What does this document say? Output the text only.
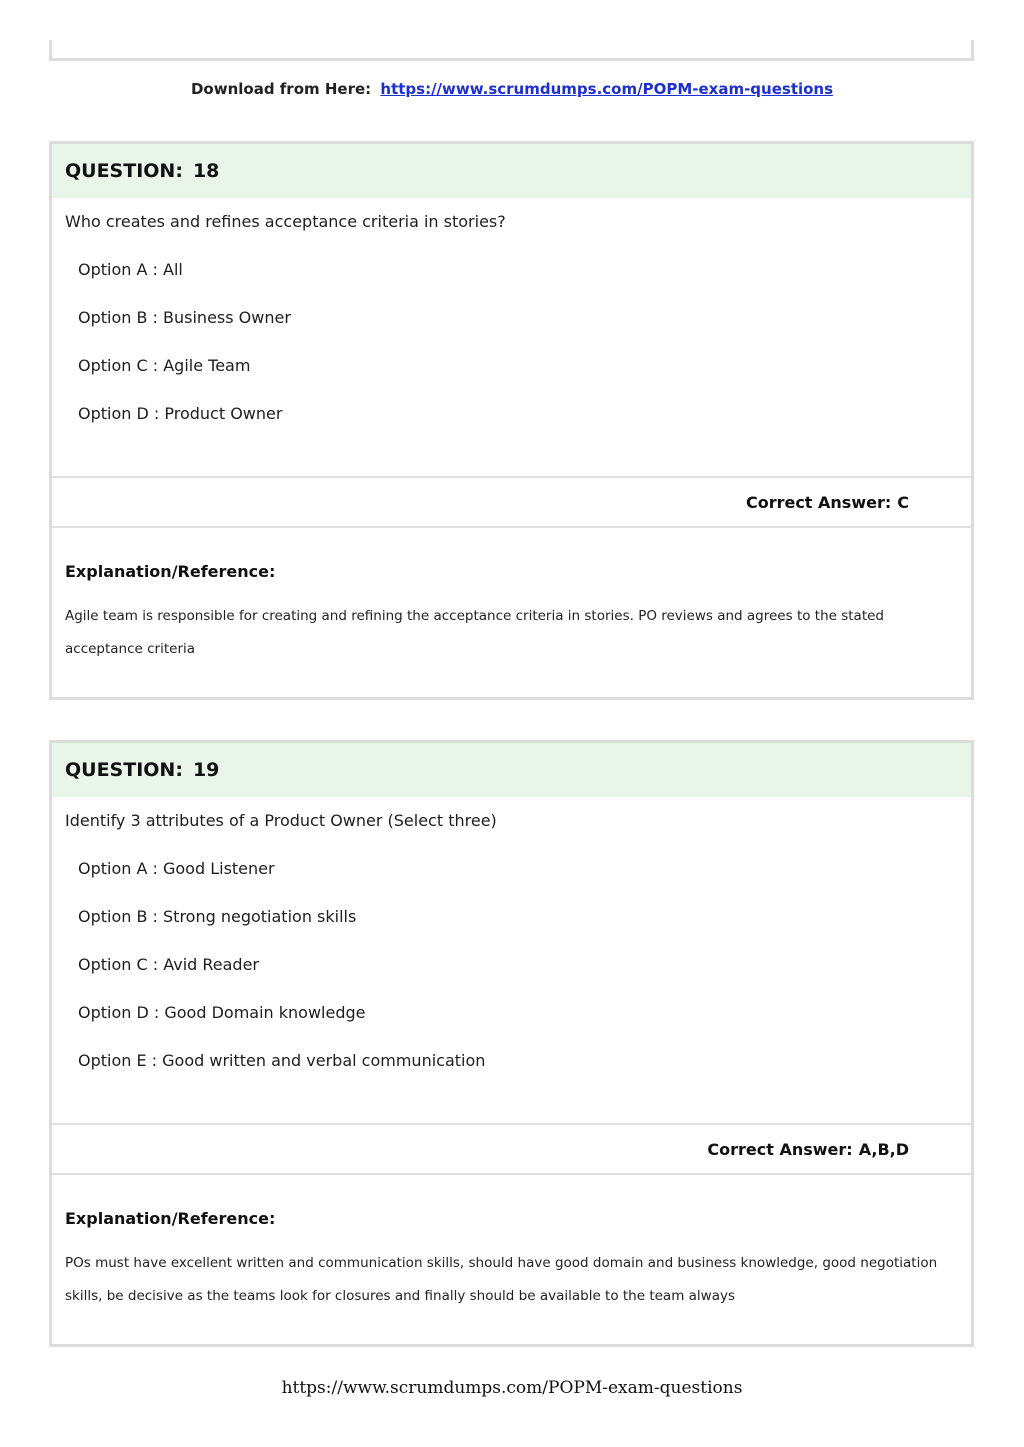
Download from Here: https://www.scrumdumps.com/POPM-exam-questions
QUESTION: 18
Who creates and refines acceptance criteria in stories?
Option A : All
Option B : Business Owner
Option C : Agile Team
Option D : Product Owner
Correct Answer: C
Explanation/Reference:
Agile team is responsible for creating and refining the acceptance criteria in stories. PO reviews and agrees to the stated acceptance criteria
QUESTION: 19
Identify 3 attributes of a Product Owner (Select three)
Option A : Good Listener
Option B : Strong negotiation skills
Option C : Avid Reader
Option D : Good Domain knowledge
Option E : Good written and verbal communication
Correct Answer: A,B,D
Explanation/Reference:
POs must have excellent written and communication skills, should have good domain and business knowledge, good negotiation skills, be decisive as the teams look for closures and finally should be available to the team always
https://www.scrumdumps.com/POPM-exam-questions
